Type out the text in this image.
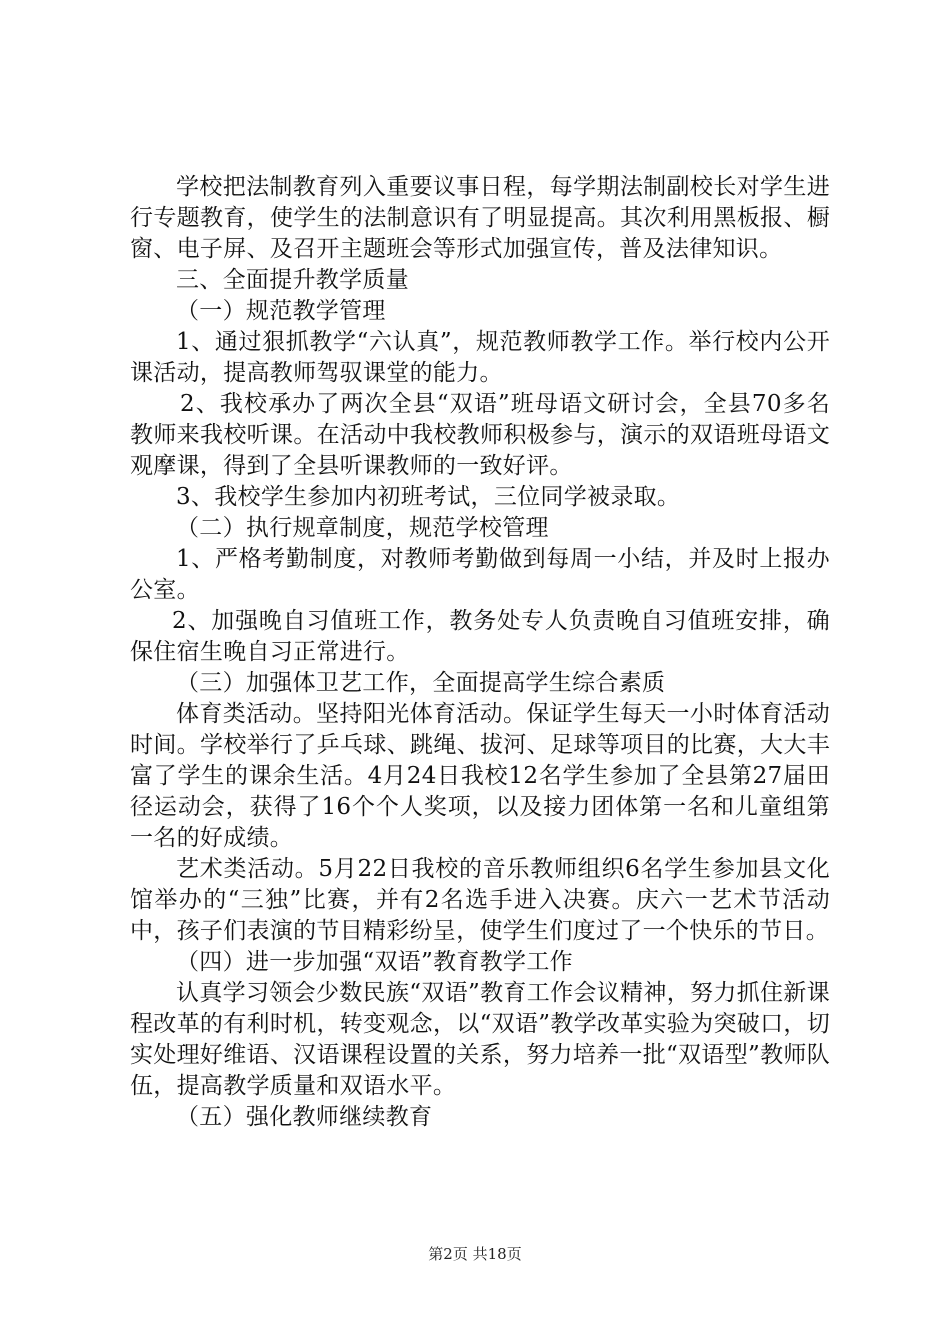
学校把法制教育列入重要议事日程，每学期法制副校长对学生进行专题教育，使学生的法制意识有了明显提高。其次利用黑板报、橱窗、电子屏、及召开主题班会等形式加强宣传，普及法律知识。

三、全面提升教学质量

（一）规范教学管理

1、通过狠抓教学“六认真”，规范教师教学工作。举行校内公开课活动，提高教师驾驭课堂的能力。

2、我校承办了两次全县“双语”班母语文研讨会，全县70多名教师来我校听课。在活动中我校教师积极参与，演示的双语班母语文观摩课，得到了全县听课教师的一致好评。

3、我校学生参加内初班考试，三位同学被录取。

（二）执行规章制度，规范学校管理

1、严格考勤制度，对教师考勤做到每周一小结，并及时上报办公室。

2、加强晚自习值班工作，教务处专人负责晚自习值班安排，确保住宿生晚自习正常进行。

（三）加强体卫艺工作，全面提高学生综合素质

体育类活动。坚持阳光体育活动。保证学生每天一小时体育活动时间。学校举行了乒乓球、跳绳、拔河、足球等项目的比赛，大大丰富了学生的课余生活。4月24日我校12名学生参加了全县第27届田径运动会，获得了16个个人奖项，以及接力团体第一名和儿童组第一名的好成绩。

艺术类活动。5月22日我校的音乐教师组织6名学生参加县文化馆举办的“三独”比赛，并有2名选手进入决赛。庆六一艺术节活动中，孩子们表演的节目精彩纷呈，使学生们度过了一个快乐的节日。

（四）进一步加强“双语”教育教学工作

认真学习领会少数民族“双语”教育工作会议精神，努力抓住新课程改革的有利时机，转变观念，以“双语”教学改革实验为突破口，切实处理好维语、汉语课程设置的关系，努力培养一批“双语型”教师队伍，提高教学质量和双语水平。

（五）强化教师继续教育

第2页 共18页
